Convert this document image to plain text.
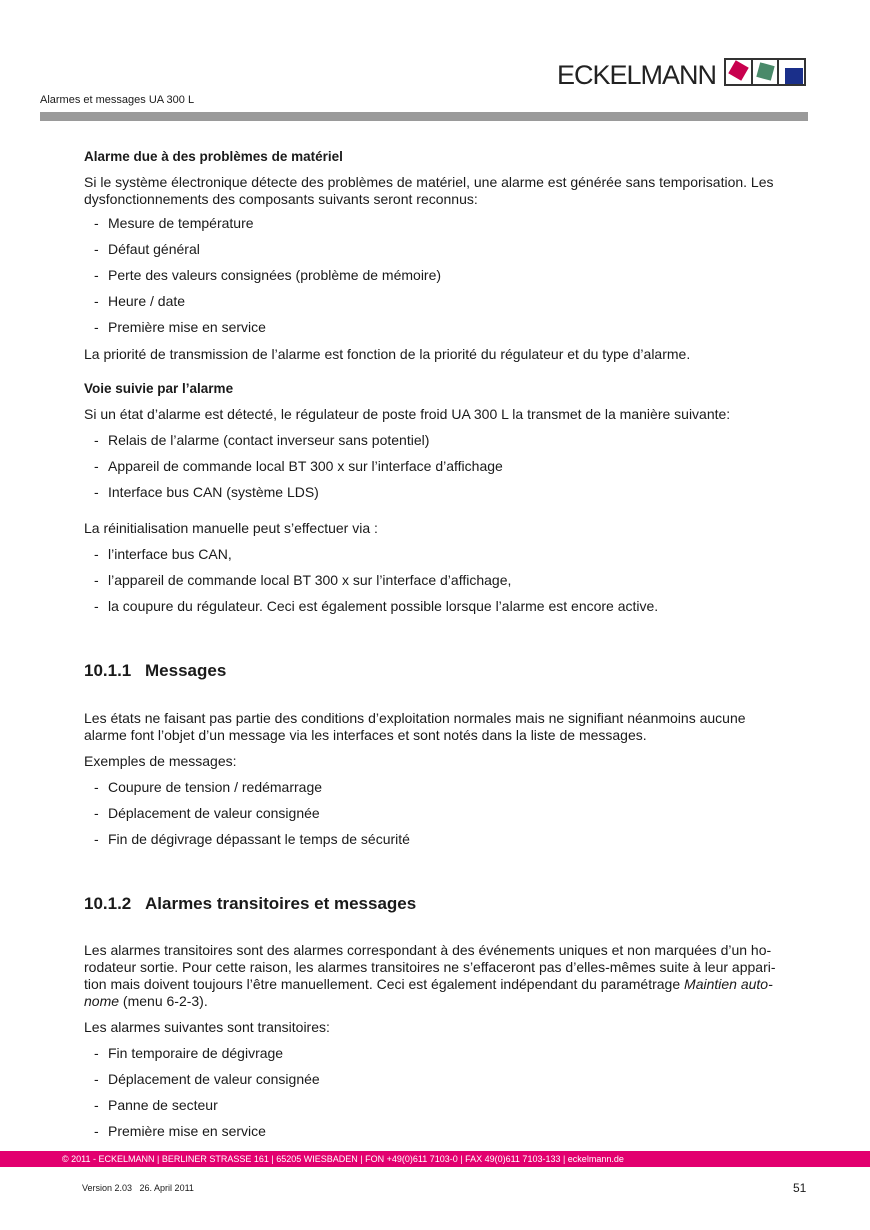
ECKELMANN
Alarmes et messages UA 300 L
Alarme due à des problèmes de matériel
Si le système électronique détecte des problèmes de matériel, une alarme est générée sans temporisation. Les
dysfonctionnements des composants suivants seront reconnus:
- Mesure de température
- Défaut général
- Perte des valeurs consignées (problème de mémoire)
- Heure / date
- Première mise en service
La priorité de transmission de l’alarme est fonction de la priorité du régulateur et du type d’alarme.
Voie suivie par l’alarme
Si un état d’alarme est détecté, le régulateur de poste froid UA 300 L la transmet de la manière suivante:
- Relais de l’alarme (contact inverseur sans potentiel)
- Appareil de commande local BT 300 x sur l’interface d’affichage
- Interface bus CAN (système LDS)
La réinitialisation manuelle peut s’effectuer via :
- l’interface bus CAN,
- l’appareil de commande local BT 300 x sur l’interface d’affichage,
- la coupure du régulateur. Ceci est également possible lorsque l’alarme est encore active.
10.1.1 Messages
Les états ne faisant pas partie des conditions d’exploitation normales mais ne signifiant néanmoins aucune
alarme font l’objet d’un message via les interfaces et sont notés dans la liste de messages.
Exemples de messages:
- Coupure de tension / redémarrage
- Déplacement de valeur consignée
- Fin de dégivrage dépassant le temps de sécurité
10.1.2 Alarmes transitoires et messages
Les alarmes transitoires sont des alarmes correspondant à des événements uniques et non marquées d’un ho-
rodateur sortie. Pour cette raison, les alarmes transitoires ne s’effaceront pas d’elles-mêmes suite à leur appari-
tion mais doivent toujours l’être manuellement. Ceci est également indépendant du paramétrage Maintien auto-
nome (menu 6-2-3).
Les alarmes suivantes sont transitoires:
- Fin temporaire de dégivrage
- Déplacement de valeur consignée
- Panne de secteur
- Première mise en service
© 2011 - ECKELMANN | BERLINER STRASSE 161 | 65205 WIESBADEN | FON +49(0)611 7103-0 | FAX 49(0)611 7103-133 | eckelmann.de
Version 2.03   26. April 2011	51
